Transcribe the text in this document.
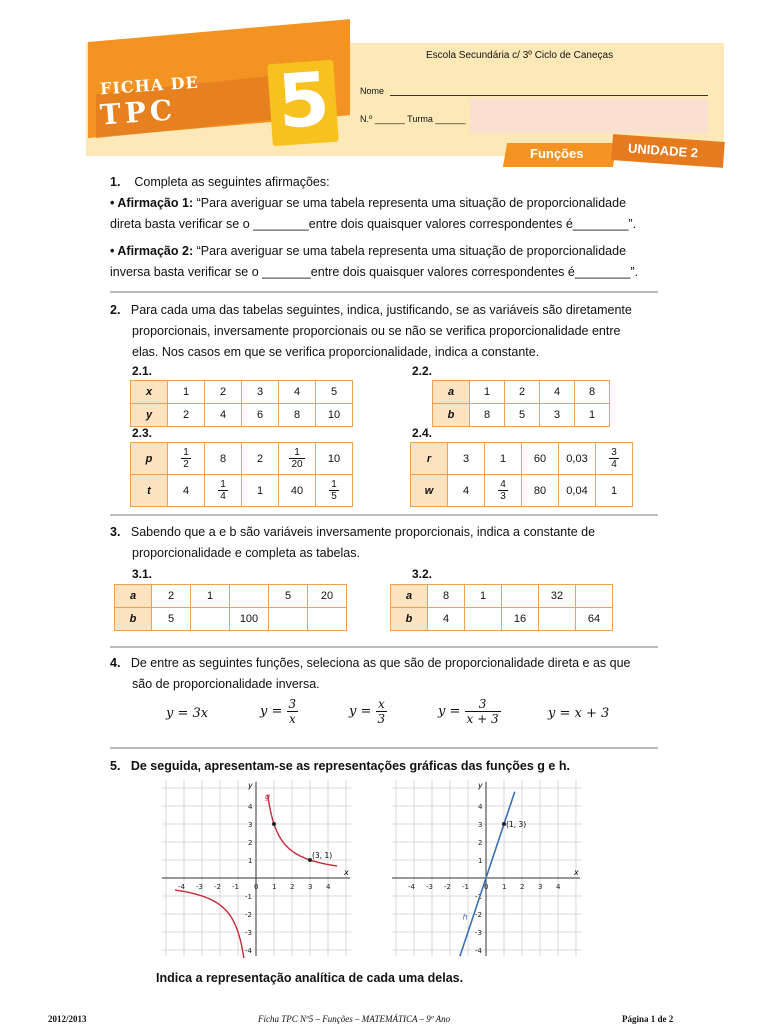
FICHA DE
TPC 5
Escola Secundária c/ 3º Ciclo de Caneças
Nome
N.º ______ Turma ______
Funções	UNIDADE 2
1. Completa as seguintes afirmações:
• Afirmação 1: “Para averiguar se uma tabela representa uma situação de proporcionalidade
direta basta verificar se o ________entre dois quaisquer valores correspondentes é________”.
• Afirmação 2: “Para averiguar se uma tabela representa uma situação de proporcionalidade
inversa basta verificar se o _______entre dois quaisquer valores correspondentes é________”.
2. Para cada uma das tabelas seguintes, indica, justificando, se as variáveis são diretamente
proporcionais, inversamente proporcionais ou se não se verifica proporcionalidade entre
elas. Nos casos em que se verifica proporcionalidade, indica a constante.
2.1.
x	1	2	3	4	5
y	2	4	6	8	10
2.2.
a	1	2	4	8
b	8	5	3	1
2.3.
p	$\frac{1}{2}$	8	2	$\frac{1}{20}$	10
t	4	$\frac{1}{4}$	1	40	$\frac{1}{5}$
2.4.
r	3	1	60	0,03	$\frac{3}{4}$

w	4	$\frac{4}{3}$	80	0,04	1
3. Sabendo que a e b são variáveis inversamente proporcionais, indica a constante de
proporcionalidade e completa as tabelas.
3.1.
a	2	1		5	20
b	5		100		
3.2.
a	8	1		32	
b	4		16		64
4. De entre as seguintes funções, seleciona as que são de proporcionalidade direta e as que
são de proporcionalidade inversa.
y = 3x	$y = \frac{3}{x}$	$y = \frac{x}{3}$	$y = \frac{3}{x + 3}$	y = x + 3
5. De seguida, apresentam-se as representações gráficas das funções g e h.
x
y
-4 -3 -2 -1 0 1 2 3 4
4
3
2
1
-1
-2
-3
-4
(3, 1)
g
x
y
-4 -3 -2 -1 0 1 2 3 4
4
3
2
1
-1
-2
-3
-4
(1, 3)
h
Indica a representação analítica de cada uma delas.
2012/2013	Ficha TPC Nº5 – Funções – MATEMÁTICA – 9º Ano	Página 1 de 2
